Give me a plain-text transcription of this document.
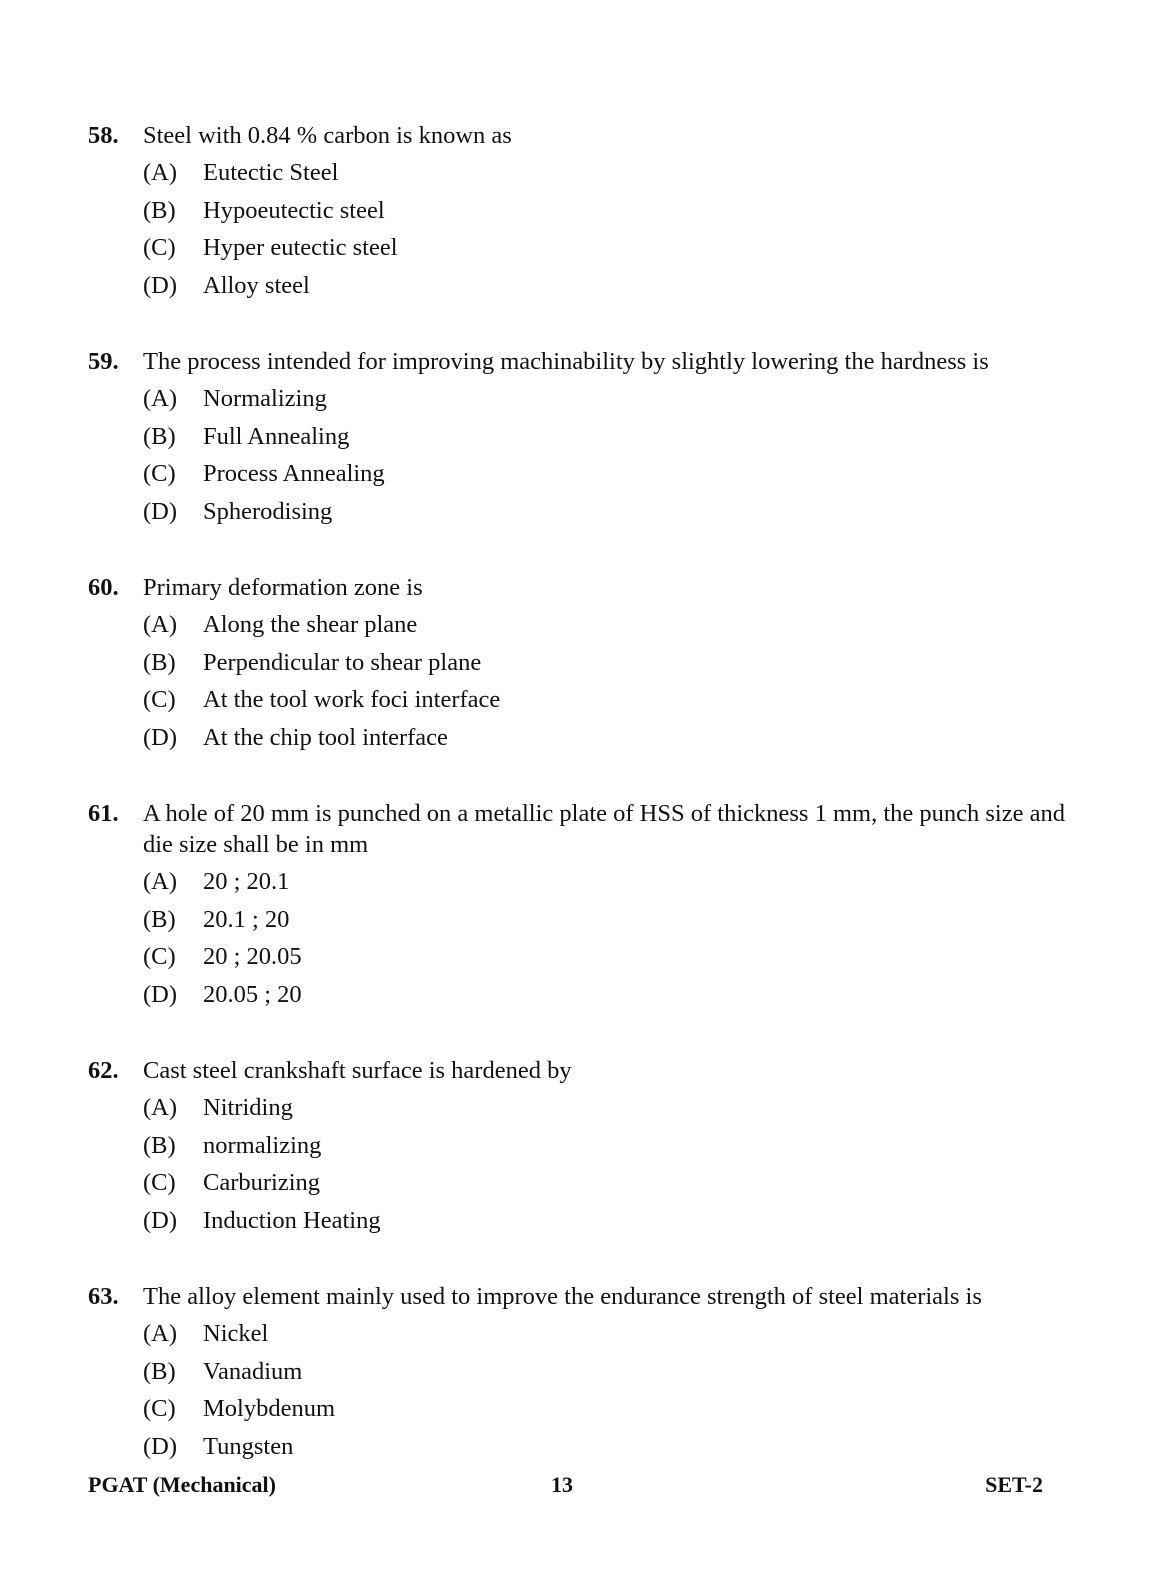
58. Steel with 0.84 % carbon is known as
(A) Eutectic Steel
(B) Hypoeutectic steel
(C) Hyper eutectic steel
(D) Alloy steel
59. The process intended for improving machinability by slightly lowering the hardness is
(A) Normalizing
(B) Full Annealing
(C) Process Annealing
(D) Spherodising
60. Primary deformation zone is
(A) Along the shear plane
(B) Perpendicular to shear plane
(C) At the tool work foci interface
(D) At the chip tool interface
61. A hole of 20 mm is punched on a metallic plate of HSS of thickness 1 mm, the punch size and die size shall be in mm
(A) 20 ; 20.1
(B) 20.1 ; 20
(C) 20 ; 20.05
(D) 20.05 ; 20
62. Cast steel crankshaft surface is hardened by
(A) Nitriding
(B) normalizing
(C) Carburizing
(D) Induction Heating
63. The alloy element mainly used to improve the endurance strength of steel materials is
(A) Nickel
(B) Vanadium
(C) Molybdenum
(D) Tungsten
PGAT (Mechanical)	13	SET-2
